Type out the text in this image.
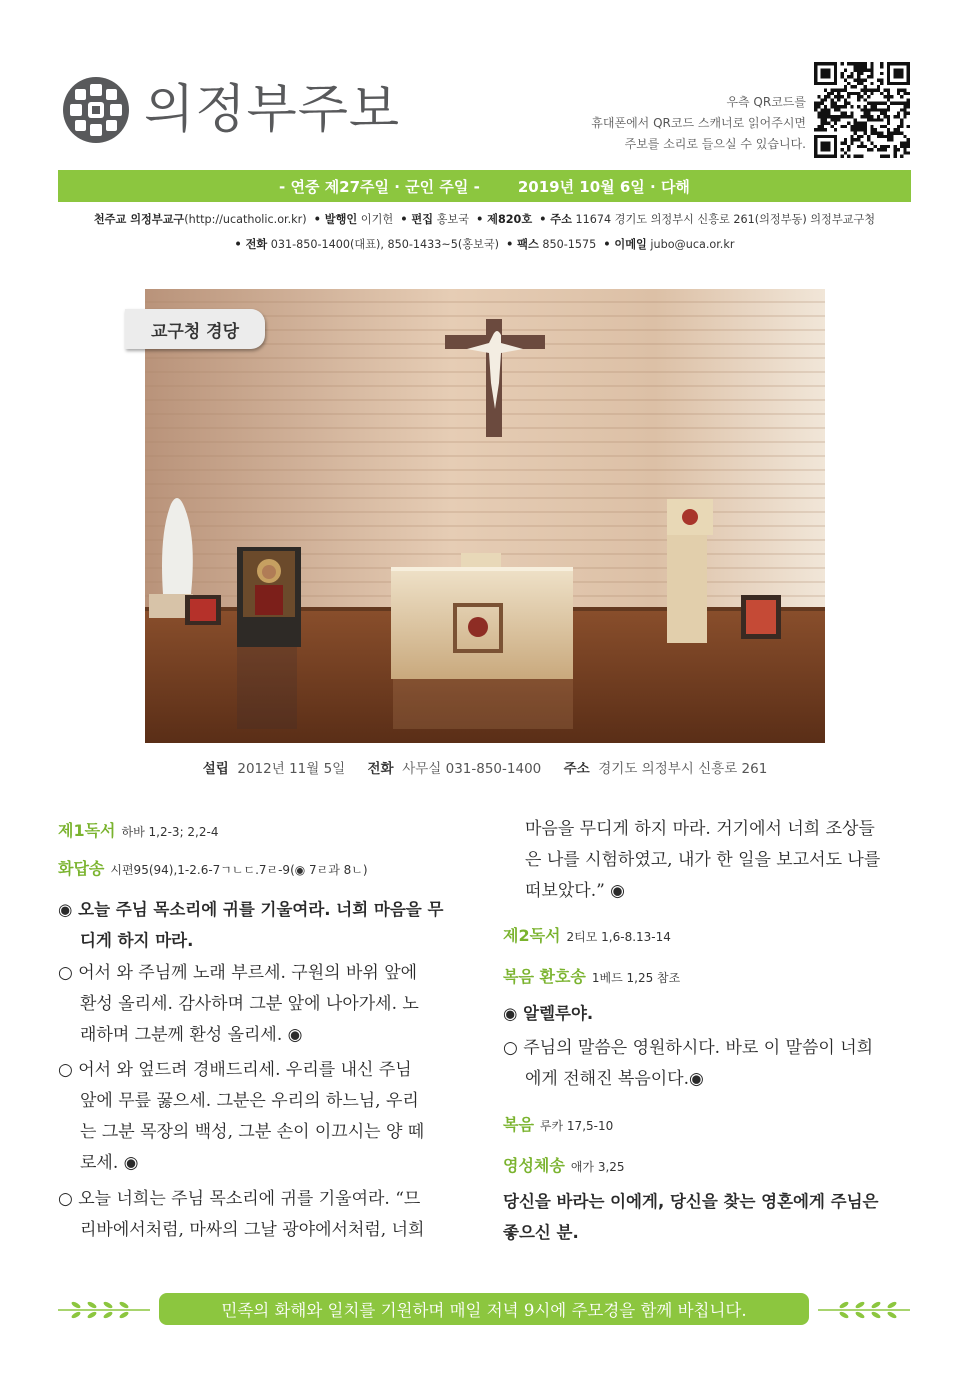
의정부주보	우측 QR코드를
휴대폰에서 QR코드 스캐너로 읽어주시면
주보를 소리로 들으실 수 있습니다.
- 연중 제27주일 · 군인 주일 -	2019년 10월 6일 · 다해
천주교 의정부교구(http://ucatholic.or.kr) • 발행인 이기헌 • 편집 홍보국 • 제820호 • 주소 11674 경기도 의정부시 신흥로 261(의정부동) 의정부교구청
• 전화 031-850-1400(대표), 850-1433~5(홍보국) • 팩스 850-1575 • 이메일 jubo@uca.or.kr
교구청 경당
설립 2012년 11월 5일 전화 사무실 031-850-1400 주소 경기도 의정부시 신흥로 261
제1독서 하바 1,2-3; 2,2-4
화답송 시편95(94),1-2.6-7ㄱㄴㄷ.7ㄹ-9(◉ 7ㄹ과 8ㄴ)
◉ 오늘 주님 목소리에 귀를 기울여라. 너희 마음을 무
디게 하지 마라.
○ 어서 와 주님께 노래 부르세. 구원의 바위 앞에
환성 올리세. 감사하며 그분 앞에 나아가세. 노
래하며 그분께 환성 올리세. ◉
○ 어서 와 엎드려 경배드리세. 우리를 내신 주님
앞에 무릎 꿇으세. 그분은 우리의 하느님, 우리
는 그분 목장의 백성, 그분 손이 이끄시는 양 떼
로세. ◉
○ 오늘 너희는 주님 목소리에 귀를 기울여라. “므
리바에서처럼, 마싸의 그날 광야에서처럼, 너희
마음을 무디게 하지 마라. 거기에서 너희 조상들
은 나를 시험하였고, 내가 한 일을 보고서도 나를
떠보았다.” ◉
제2독서 2티모 1,6-8.13-14
복음 환호송 1베드 1,25 참조
◉ 알렐루야.
○ 주님의 말씀은 영원하시다. 바로 이 말씀이 너희
에게 전해진 복음이다.◉
복음 루카 17,5-10
영성체송 애가 3,25
당신을 바라는 이에게, 당신을 찾는 영혼에게 주님은
좋으신 분.
민족의 화해와 일치를 기원하며 매일 저녁 9시에 주모경을 함께 바칩니다.
